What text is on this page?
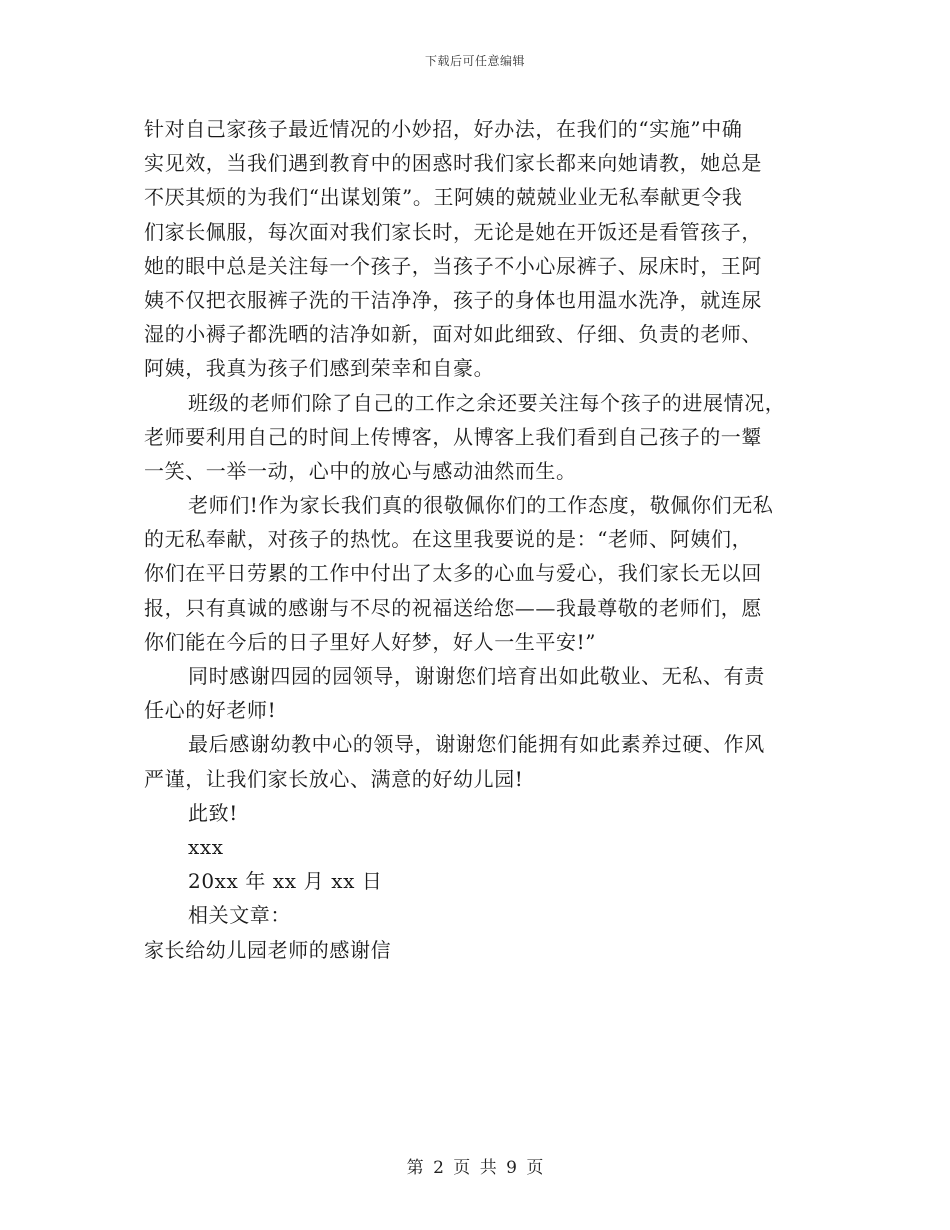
下载后可任意编辑
针对自己家孩子最近情况的小妙招，好办法，在我们的“实施”中确
实见效，当我们遇到教育中的困惑时我们家长都来向她请教，她总是
不厌其烦的为我们“出谋划策”。王阿姨的兢兢业业无私奉献更令我
们家长佩服，每次面对我们家长时，无论是她在开饭还是看管孩子，
她的眼中总是关注每一个孩子，当孩子不小心尿裤子、尿床时，王阿
姨不仅把衣服裤子洗的干洁净净，孩子的身体也用温水洗净，就连尿
湿的小褥子都洗晒的洁净如新，面对如此细致、仔细、负责的老师、
阿姨，我真为孩子们感到荣幸和自豪。
班级的老师们除了自己的工作之余还要关注每个孩子的进展情况，
老师要利用自己的时间上传博客，从博客上我们看到自己孩子的一颦
一笑、一举一动，心中的放心与感动油然而生。
老师们!作为家长我们真的很敬佩你们的工作态度，敬佩你们无私
的无私奉献，对孩子的热忱。在这里我要说的是：“老师、阿姨们，
你们在平日劳累的工作中付出了太多的心血与爱心，我们家长无以回
报，只有真诚的感谢与不尽的祝福送给您——我最尊敬的老师们，愿
你们能在今后的日子里好人好梦，好人一生平安!”
同时感谢四园的园领导，谢谢您们培育出如此敬业、无私、有责
任心的好老师!
最后感谢幼教中心的领导，谢谢您们能拥有如此素养过硬、作风
严谨，让我们家长放心、满意的好幼儿园!
此致!
xxx
20xx 年 xx 月 xx 日
相关文章：
家长给幼儿园老师的感谢信
第 2 页 共 9 页
